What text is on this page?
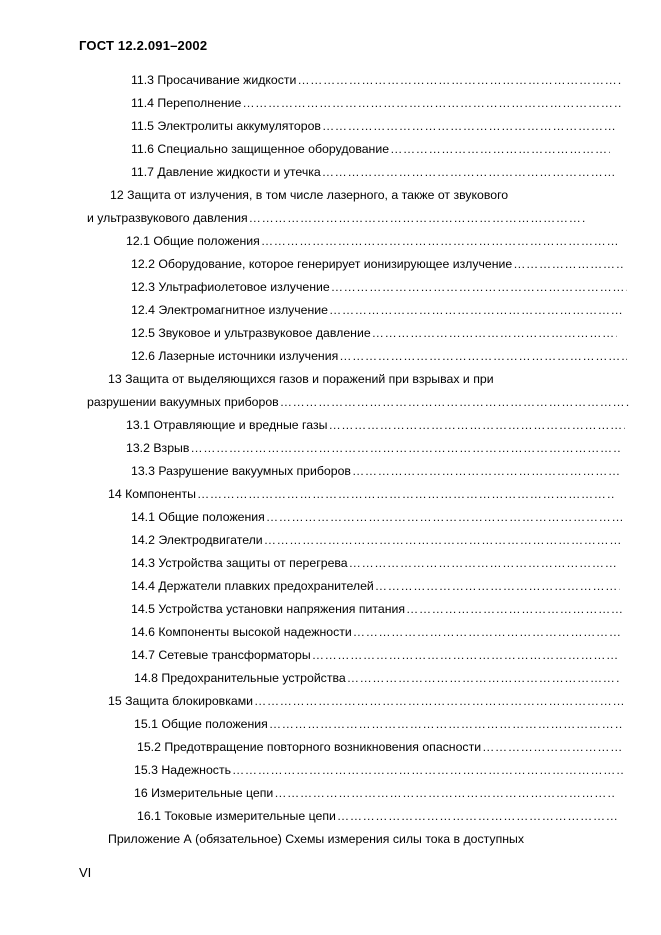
ГОСТ 12.2.091–2002
11.3 Просачивание жидкости
……………………………………………………………………………………………………………………………………………………………………………………
11.4 Переполнение
……………………………………………………………………………………………………………………………………………………………………………………
11.5 Электролиты аккумуляторов
……………………………………………………………………………………………………………………………………………………………………………………
11.6 Специально защищенное оборудование
……………………………………………………………………………………………………………………………………………………………………………………
11.7 Давление жидкости и утечка
……………………………………………………………………………………………………………………………………………………………………………………
12 Защита от излучения, в том числе лазерного, а также от звукового
и ультразвукового давления
……………………………………………………………………………………………………………………………………………………………………………………
12.1 Общие положения
……………………………………………………………………………………………………………………………………………………………………………………
12.2 Оборудование, которое генерирует ионизирующее излучение
……………………………………………………………………………………………………………………………………………………………………………………
12.3 Ультрафиолетовое излучение
……………………………………………………………………………………………………………………………………………………………………………………
12.4 Электромагнитное излучение
……………………………………………………………………………………………………………………………………………………………………………………
12.5 Звуковое и ультразвуковое давление
……………………………………………………………………………………………………………………………………………………………………………………
12.6 Лазерные источники излучения
……………………………………………………………………………………………………………………………………………………………………………………
13 Защита от выделяющихся газов и поражений при взрывах и при
разрушении вакуумных приборов
……………………………………………………………………………………………………………………………………………………………………………………
13.1 Отравляющие и вредные газы
……………………………………………………………………………………………………………………………………………………………………………………
13.2 Взрыв
……………………………………………………………………………………………………………………………………………………………………………………
13.3 Разрушение вакуумных приборов
……………………………………………………………………………………………………………………………………………………………………………………
14 Компоненты
……………………………………………………………………………………………………………………………………………………………………………………
14.1 Общие положения
……………………………………………………………………………………………………………………………………………………………………………………
14.2 Электродвигатели
……………………………………………………………………………………………………………………………………………………………………………………
14.3 Устройства защиты от перегрева
……………………………………………………………………………………………………………………………………………………………………………………
14.4 Держатели плавких предохранителей
……………………………………………………………………………………………………………………………………………………………………………………
14.5 Устройства установки напряжения питания
……………………………………………………………………………………………………………………………………………………………………………………
14.6 Компоненты высокой надежности
……………………………………………………………………………………………………………………………………………………………………………………
14.7 Сетевые трансформаторы
……………………………………………………………………………………………………………………………………………………………………………………
14.8 Предохранительные устройства
……………………………………………………………………………………………………………………………………………………………………………………
15 Защита блокировками
……………………………………………………………………………………………………………………………………………………………………………………
15.1 Общие положения
……………………………………………………………………………………………………………………………………………………………………………………
15.2 Предотвращение повторного возникновения опасности
……………………………………………………………………………………………………………………………………………………………………………………
15.3 Надежность
……………………………………………………………………………………………………………………………………………………………………………………
16 Измерительные цепи
……………………………………………………………………………………………………………………………………………………………………………………
16.1 Токовые измерительные цепи
……………………………………………………………………………………………………………………………………………………………………………………
Приложение А (обязательное) Схемы измерения силы тока в доступных
VI
